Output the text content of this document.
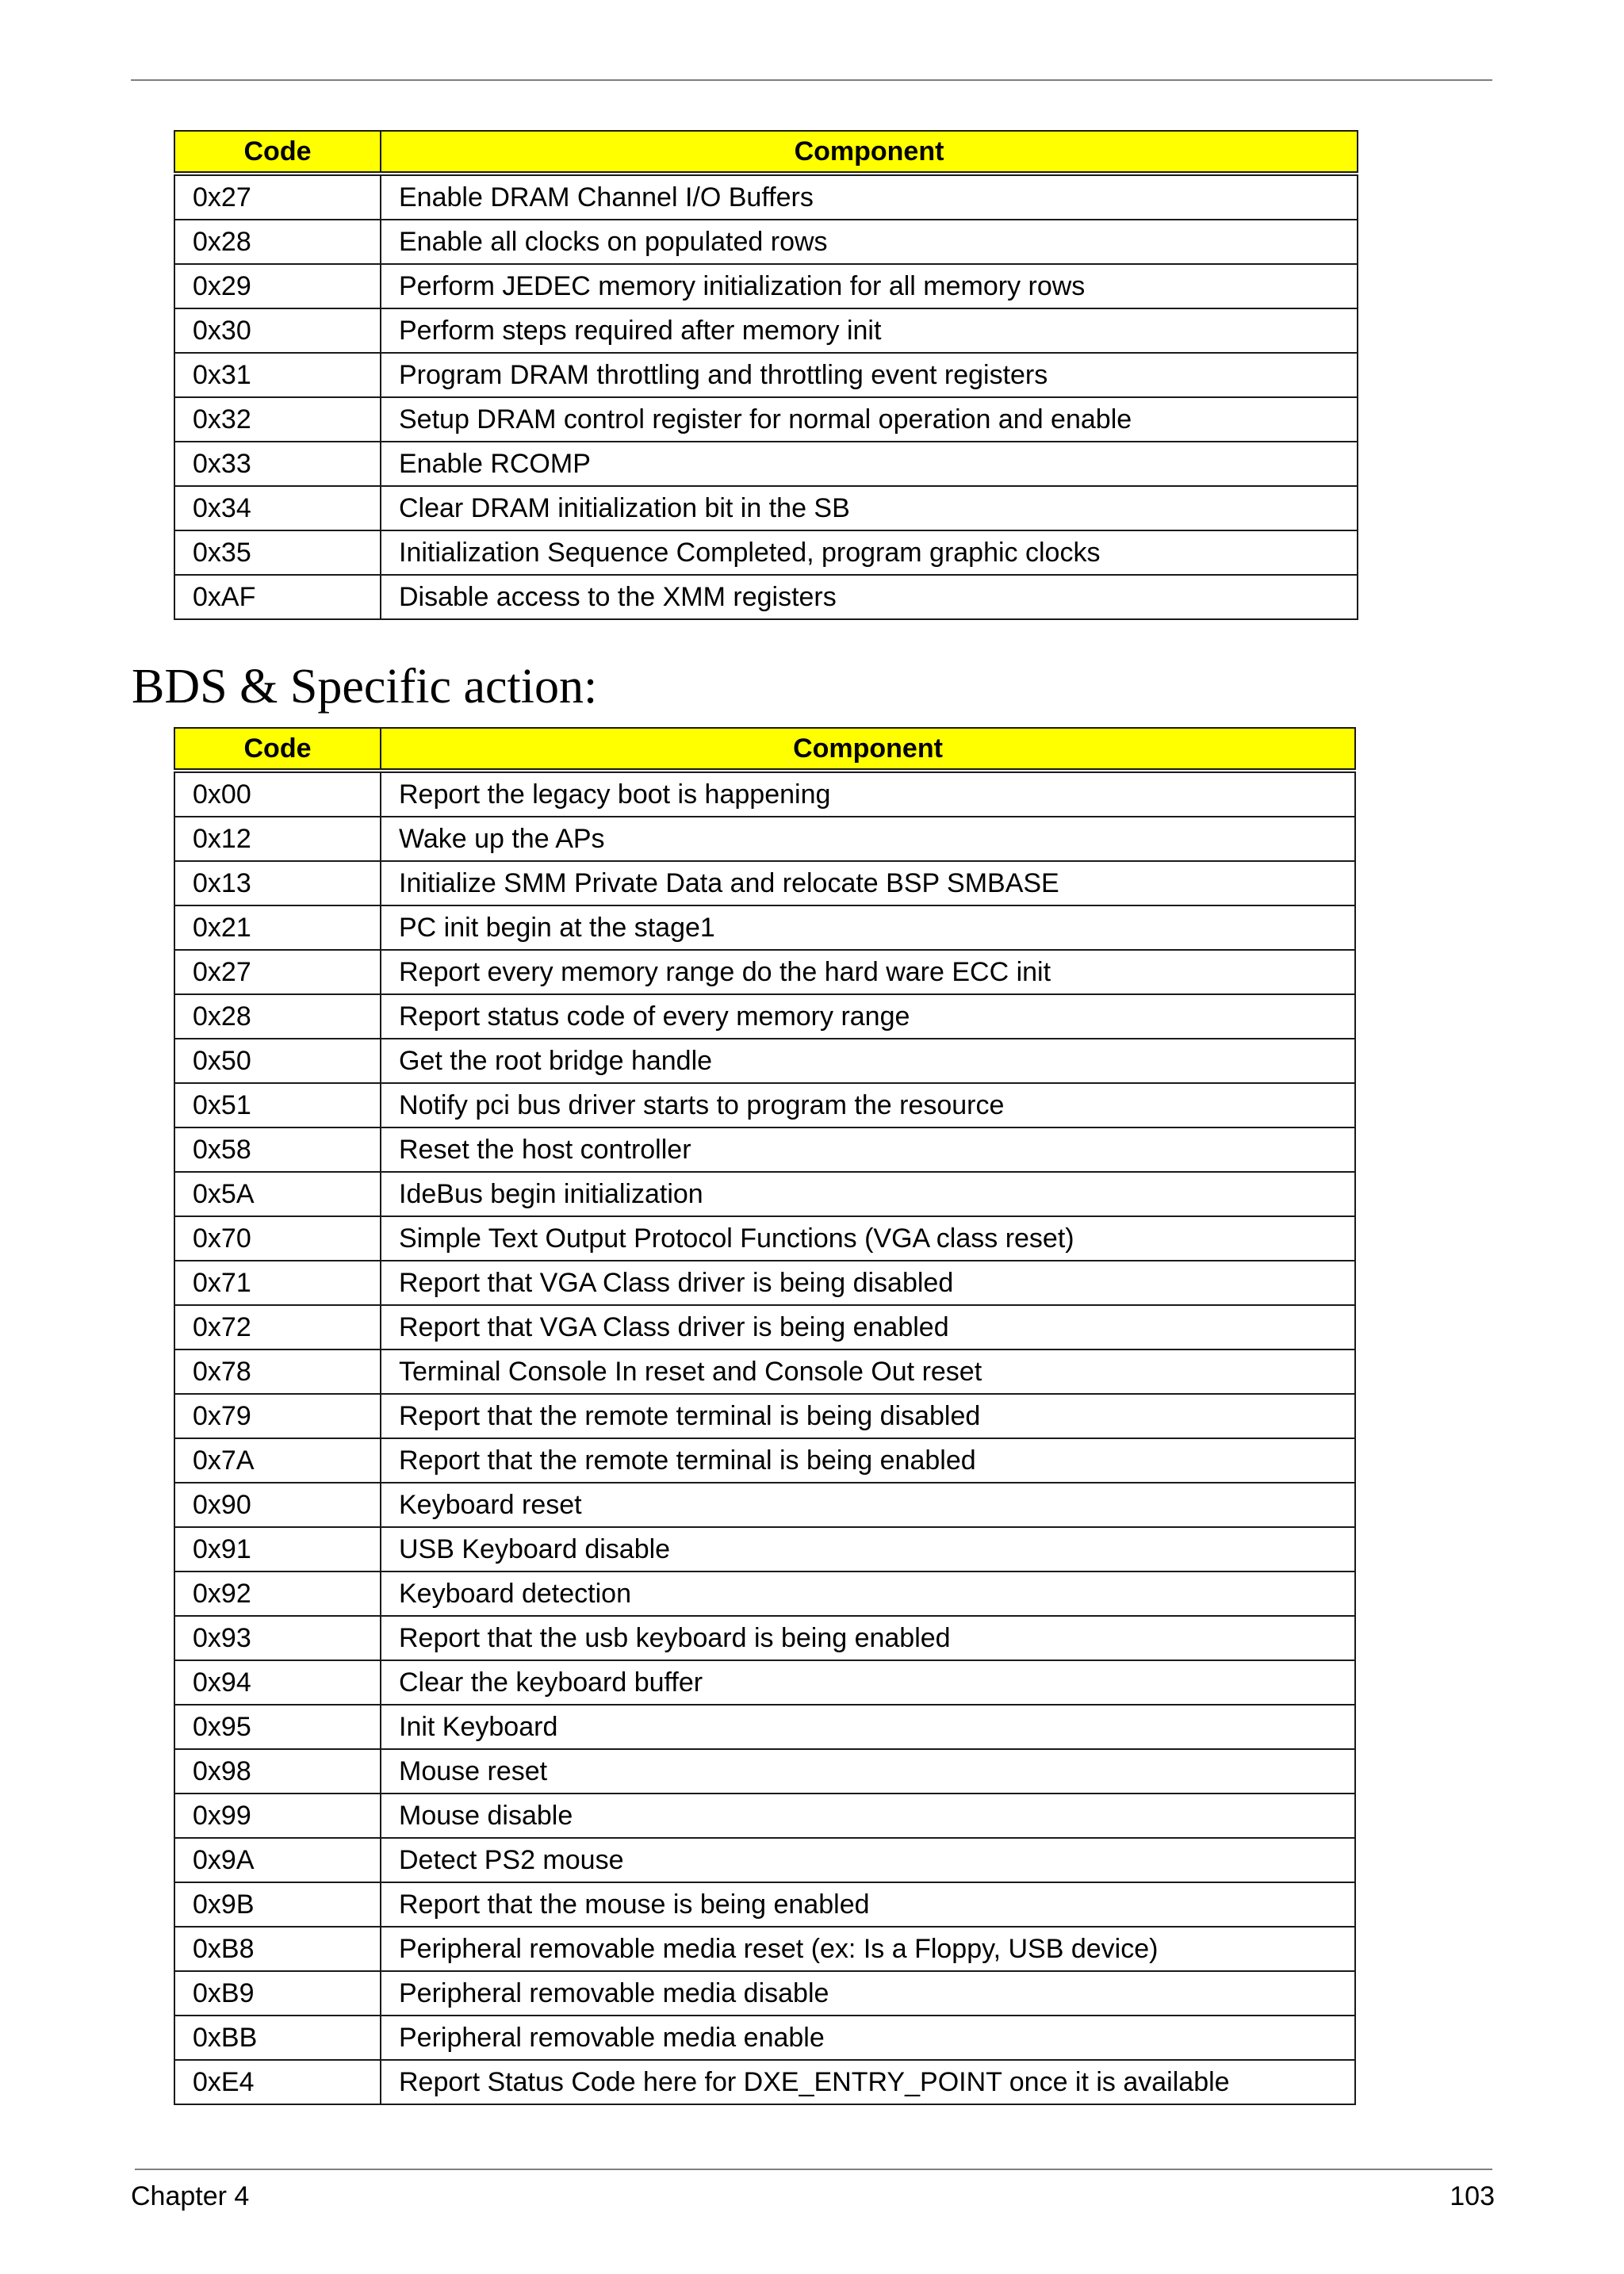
Code	Component
0x27	Enable DRAM Channel I/O Buffers
0x28	Enable all clocks on populated rows
0x29	Perform JEDEC memory initialization for all memory rows
0x30	Perform steps required after memory init
0x31	Program DRAM throttling and throttling event registers
0x32	Setup DRAM control register for normal operation and enable
0x33	Enable RCOMP
0x34	Clear DRAM initialization bit in the SB
0x35	Initialization Sequence Completed, program graphic clocks
0xAF	Disable access to the XMM registers
BDS & Specific action:
Code	Component
0x00	Report the legacy boot is happening
0x12	Wake up the APs
0x13	Initialize SMM Private Data and relocate BSP SMBASE
0x21	PC init begin at the stage1
0x27	Report every memory range do the hard ware ECC init
0x28	Report status code of every memory range
0x50	Get the root bridge handle
0x51	Notify pci bus driver starts to program the resource
0x58	Reset the host controller
0x5A	IdeBus begin initialization
0x70	Simple Text Output Protocol Functions (VGA class reset)
0x71	Report that VGA Class driver is being disabled
0x72	Report that VGA Class driver is being enabled
0x78	Terminal Console In reset and Console Out reset
0x79	Report that the remote terminal is being disabled
0x7A	Report that the remote terminal is being enabled
0x90	Keyboard reset
0x91	USB Keyboard disable
0x92	Keyboard detection
0x93	Report that the usb keyboard is being enabled
0x94	Clear the keyboard buffer
0x95	Init Keyboard
0x98	Mouse reset
0x99	Mouse disable
0x9A	Detect PS2 mouse
0x9B	Report that the mouse is being enabled
0xB8	Peripheral removable media reset (ex: Is a Floppy, USB device)
0xB9	Peripheral removable media disable
0xBB	Peripheral removable media enable
0xE4	Report Status Code here for DXE_ENTRY_POINT once it is available
Chapter 4	103
